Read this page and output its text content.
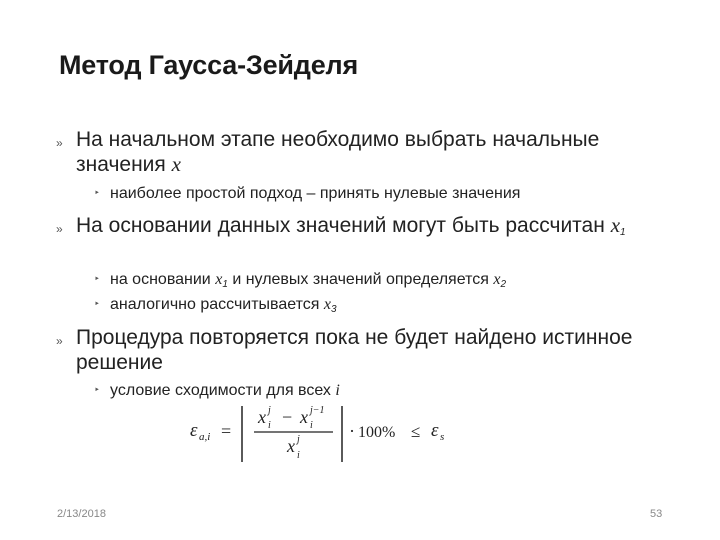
Метод Гаусса-Зейделя
» На начальном этапе необходимо выбрать начальные значения x
‣ наиболее простой подход – принять нулевые значения
» На основании данных значений могут быть рассчитан $x_1$
‣ на основании $x_1$ и нулевых значений определяется $x_2$
‣ аналогично рассчитывается $x_3$
» Процедура повторяется пока не будет найдено истинное решение
‣ условие сходимости для всех i
ε a,i =
x j
i − x j−1
i
x j
i
· 100% ≤ ε s
2/13/2018	53
